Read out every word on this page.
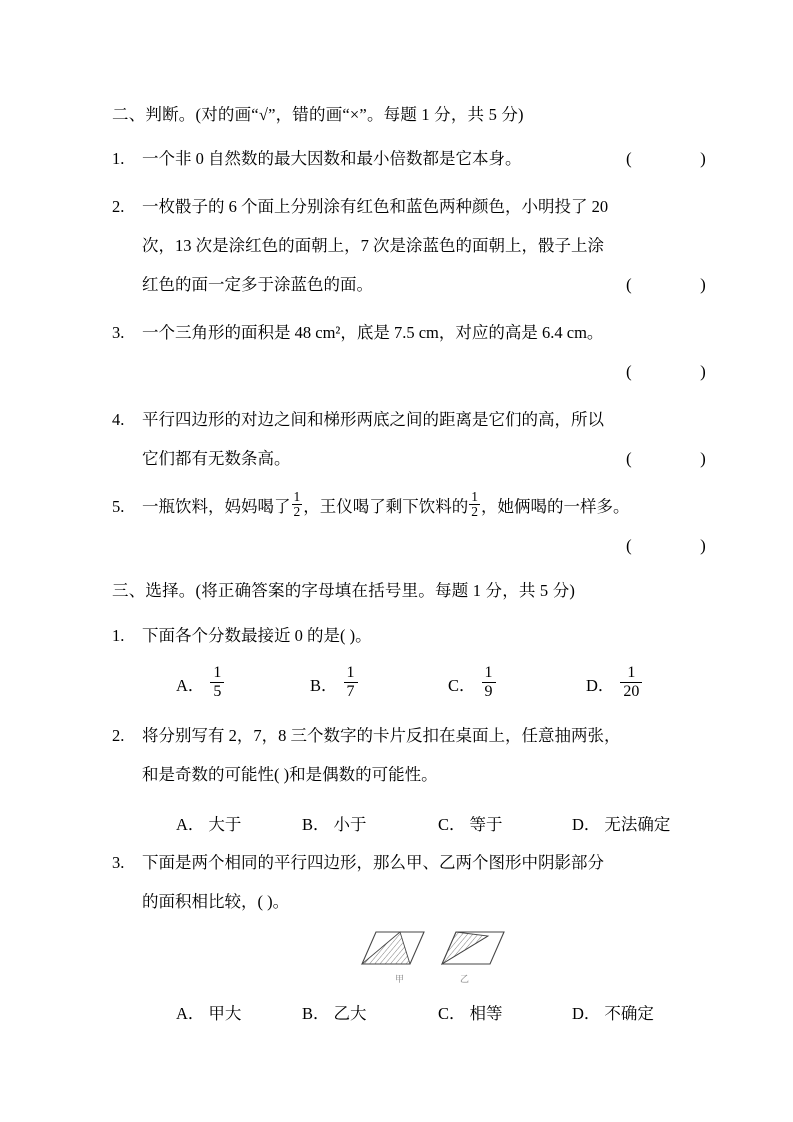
二、判断。(对的画“√”，错的画“×”。每题 1 分，共 5 分)
1.	一个非 0 自然数的最大因数和最小倍数都是它本身。	(  )
2.	一枚骰子的 6 个面上分别涂有红色和蓝色两种颜色，小明投了 20
次，13 次是涂红色的面朝上，7 次是涂蓝色的面朝上，骰子上涂
红色的面一定多于涂蓝色的面。	(  )
3.	一个三角形的面积是 48 cm²，底是 7.5 cm，对应的高是 6.4 cm。
(  )
4.	平行四边形的对边之间和梯形两底之间的距离是它们的高，所以
它们都有无数条高。	(  )
5.	一瓶饮料，妈妈喝了 $\frac{1}{2}$ ，王仪喝了剩下饮料的 $\frac{1}{2}$ ，她俩喝的一样多。
(  )
三、选择。(将正确答案的字母填在括号里。每题 1 分，共 5 分)
1.	下面各个分数最接近 0 的是( )。
A． $\frac{1}{5}$	B． $\frac{1}{7}$	C． $\frac{1}{9}$	D． $\frac{1}{20}$
2.	将分别写有 2，7，8 三个数字的卡片反扣在桌面上，任意抽两张，
和是奇数的可能性( )和是偶数的可能性。
A． 大于	B． 小于	C． 等于	D． 无法确定
3.	下面是两个相同的平行四边形，那么甲、乙两个图形中阴影部分
的面积相比较，( )。
甲	乙
A． 甲大	B． 乙大	C． 相等	D． 不确定
